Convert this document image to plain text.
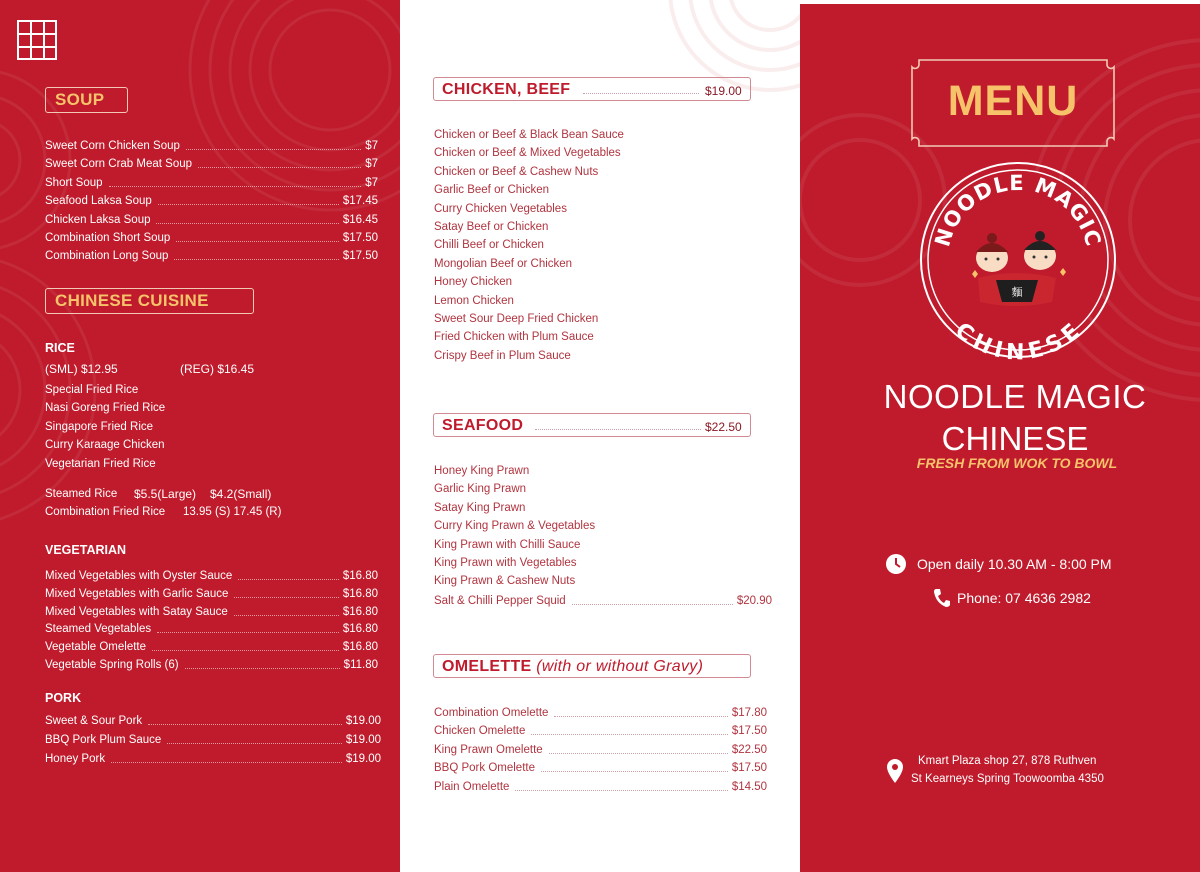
SOUP
Sweet Corn Chicken Soup	$7
Sweet Corn Crab Meat Soup	$7
Short Soup	$7
Seafood Laksa Soup	$17.45
Chicken Laksa Soup	$16.45
Combination Short Soup	$17.50
Combination Long Soup	$17.50
CHINESE CUISINE
RICE
(SML) $12.95	(REG) $16.45
Special Fried Rice
Nasi Goreng Fried Rice
Singapore Fried Rice
Curry Karaage Chicken
Vegetarian Fried Rice
Steamed Rice $5.5(Large) $4.2(Small)
Combination Fried Rice 13.95 (S) 17.45 (R)
VEGETARIAN
Mixed Vegetables with Oyster Sauce	$16.80
Mixed Vegetables with Garlic Sauce	$16.80
Mixed Vegetables with Satay Sauce	$16.80
Steamed Vegetables	$16.80
Vegetable Omelette	$16.80
Vegetable Spring Rolls (6)	$11.80
PORK
Sweet & Sour Pork	$19.00
BBQ Pork Plum Sauce	$19.00
Honey Pork	$19.00
CHICKEN, BEEF	$19.00
Chicken or Beef & Black Bean Sauce
Chicken or Beef & Mixed Vegetables
Chicken or Beef & Cashew Nuts
Garlic Beef or Chicken
Curry Chicken Vegetables
Satay Beef or Chicken
Chilli Beef or Chicken
Mongolian Beef or Chicken
Honey Chicken
Lemon Chicken
Sweet Sour Deep Fried Chicken
Fried Chicken with Plum Sauce
Crispy Beef in Plum Sauce
SEAFOOD	$22.50
Honey King Prawn
Garlic King Prawn
Satay King Prawn
Curry King Prawn & Vegetables
King Prawn with Chilli Sauce
King Prawn with Vegetables
King Prawn & Cashew Nuts
Salt & Chilli Pepper Squid	$20.90
OMELETTE (with or without Gravy)
Combination Omelette	$17.80
Chicken Omelette	$17.50
King Prawn Omelette	$22.50
BBQ Pork Omelette	$17.50
Plain Omelette	$14.50
MENU
NOODLE MAGIC
CHINESE
麵
NOODLE MAGIC
CHINESE
FRESH FROM WOK TO BOWL
Open daily 10.30 AM - 8:00 PM
Phone: 07 4636 2982
Kmart Plaza shop 27, 878 Ruthven
St Kearneys Spring Toowoomba 4350
